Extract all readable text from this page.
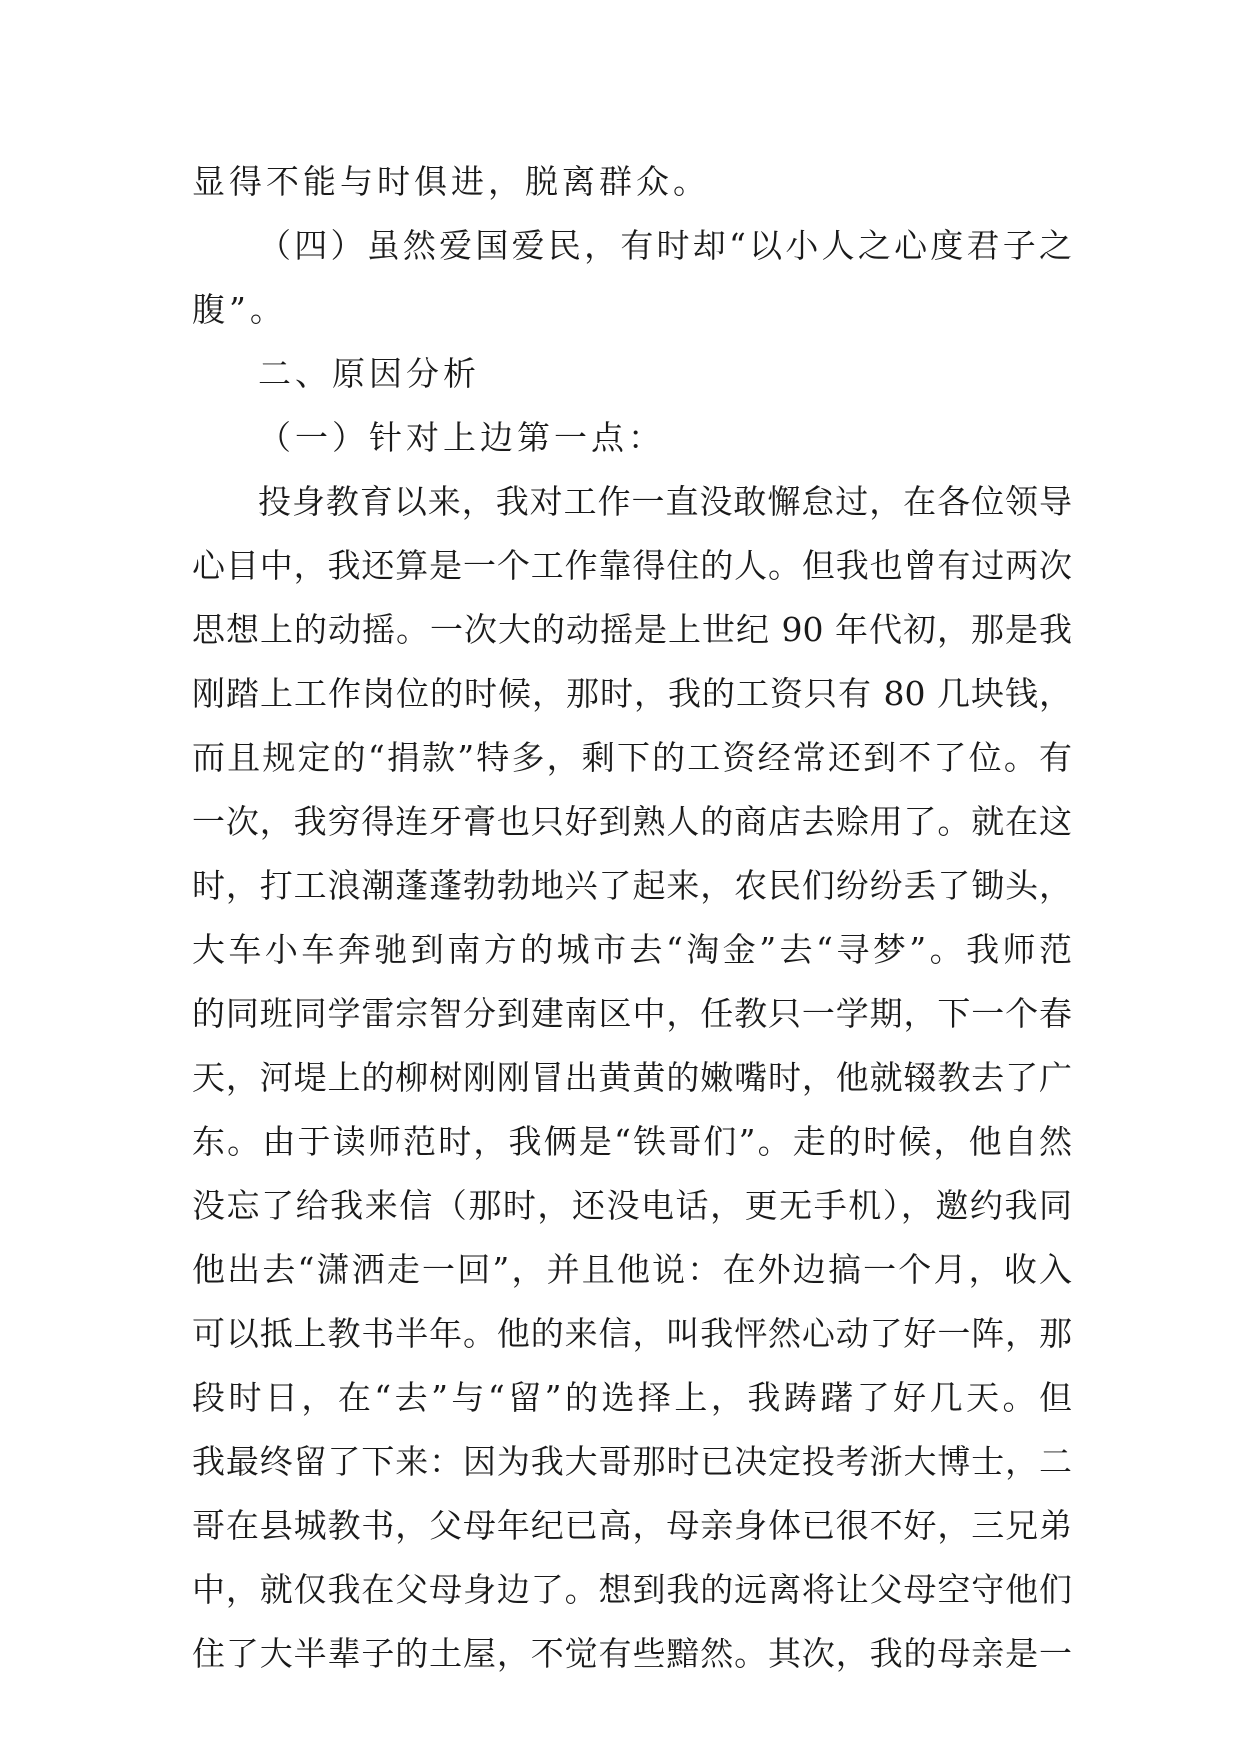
显得不能与时俱进，脱离群众。
（四）虽然爱国爱民，有时却“以小人之心度君子之
腹”。
二、原因分析
（一）针对上边第一点：
投身教育以来，我对工作一直没敢懈怠过，在各位领导
心目中，我还算是一个工作靠得住的人。但我也曾有过两次
思想上的动摇。一次大的动摇是上世纪 90 年代初，那是我
刚踏上工作岗位的时候，那时，我的工资只有 80 几块钱，
而且规定的“捐款”特多，剩下的工资经常还到不了位。有
一次，我穷得连牙膏也只好到熟人的商店去赊用了。就在这
时，打工浪潮蓬蓬勃勃地兴了起来，农民们纷纷丢了锄头，
大车小车奔驰到南方的城市去“淘金”去“寻梦”。我师范
的同班同学雷宗智分到建南区中，任教只一学期，下一个春
天，河堤上的柳树刚刚冒出黄黄的嫩嘴时，他就辍教去了广
东。由于读师范时，我俩是“铁哥们”。走的时候，他自然
没忘了给我来信（那时，还没电话，更无手机），邀约我同
他出去“潇洒走一回”，并且他说：在外边搞一个月，收入
可以抵上教书半年。他的来信，叫我怦然心动了好一阵，那
段时日，在“去”与“留”的选择上，我踌躇了好几天。但
我最终留了下来：因为我大哥那时已决定投考浙大博士，二
哥在县城教书，父母年纪已高，母亲身体已很不好，三兄弟
中，就仅我在父母身边了。想到我的远离将让父母空守他们
住了大半辈子的土屋，不觉有些黯然。其次，我的母亲是一
